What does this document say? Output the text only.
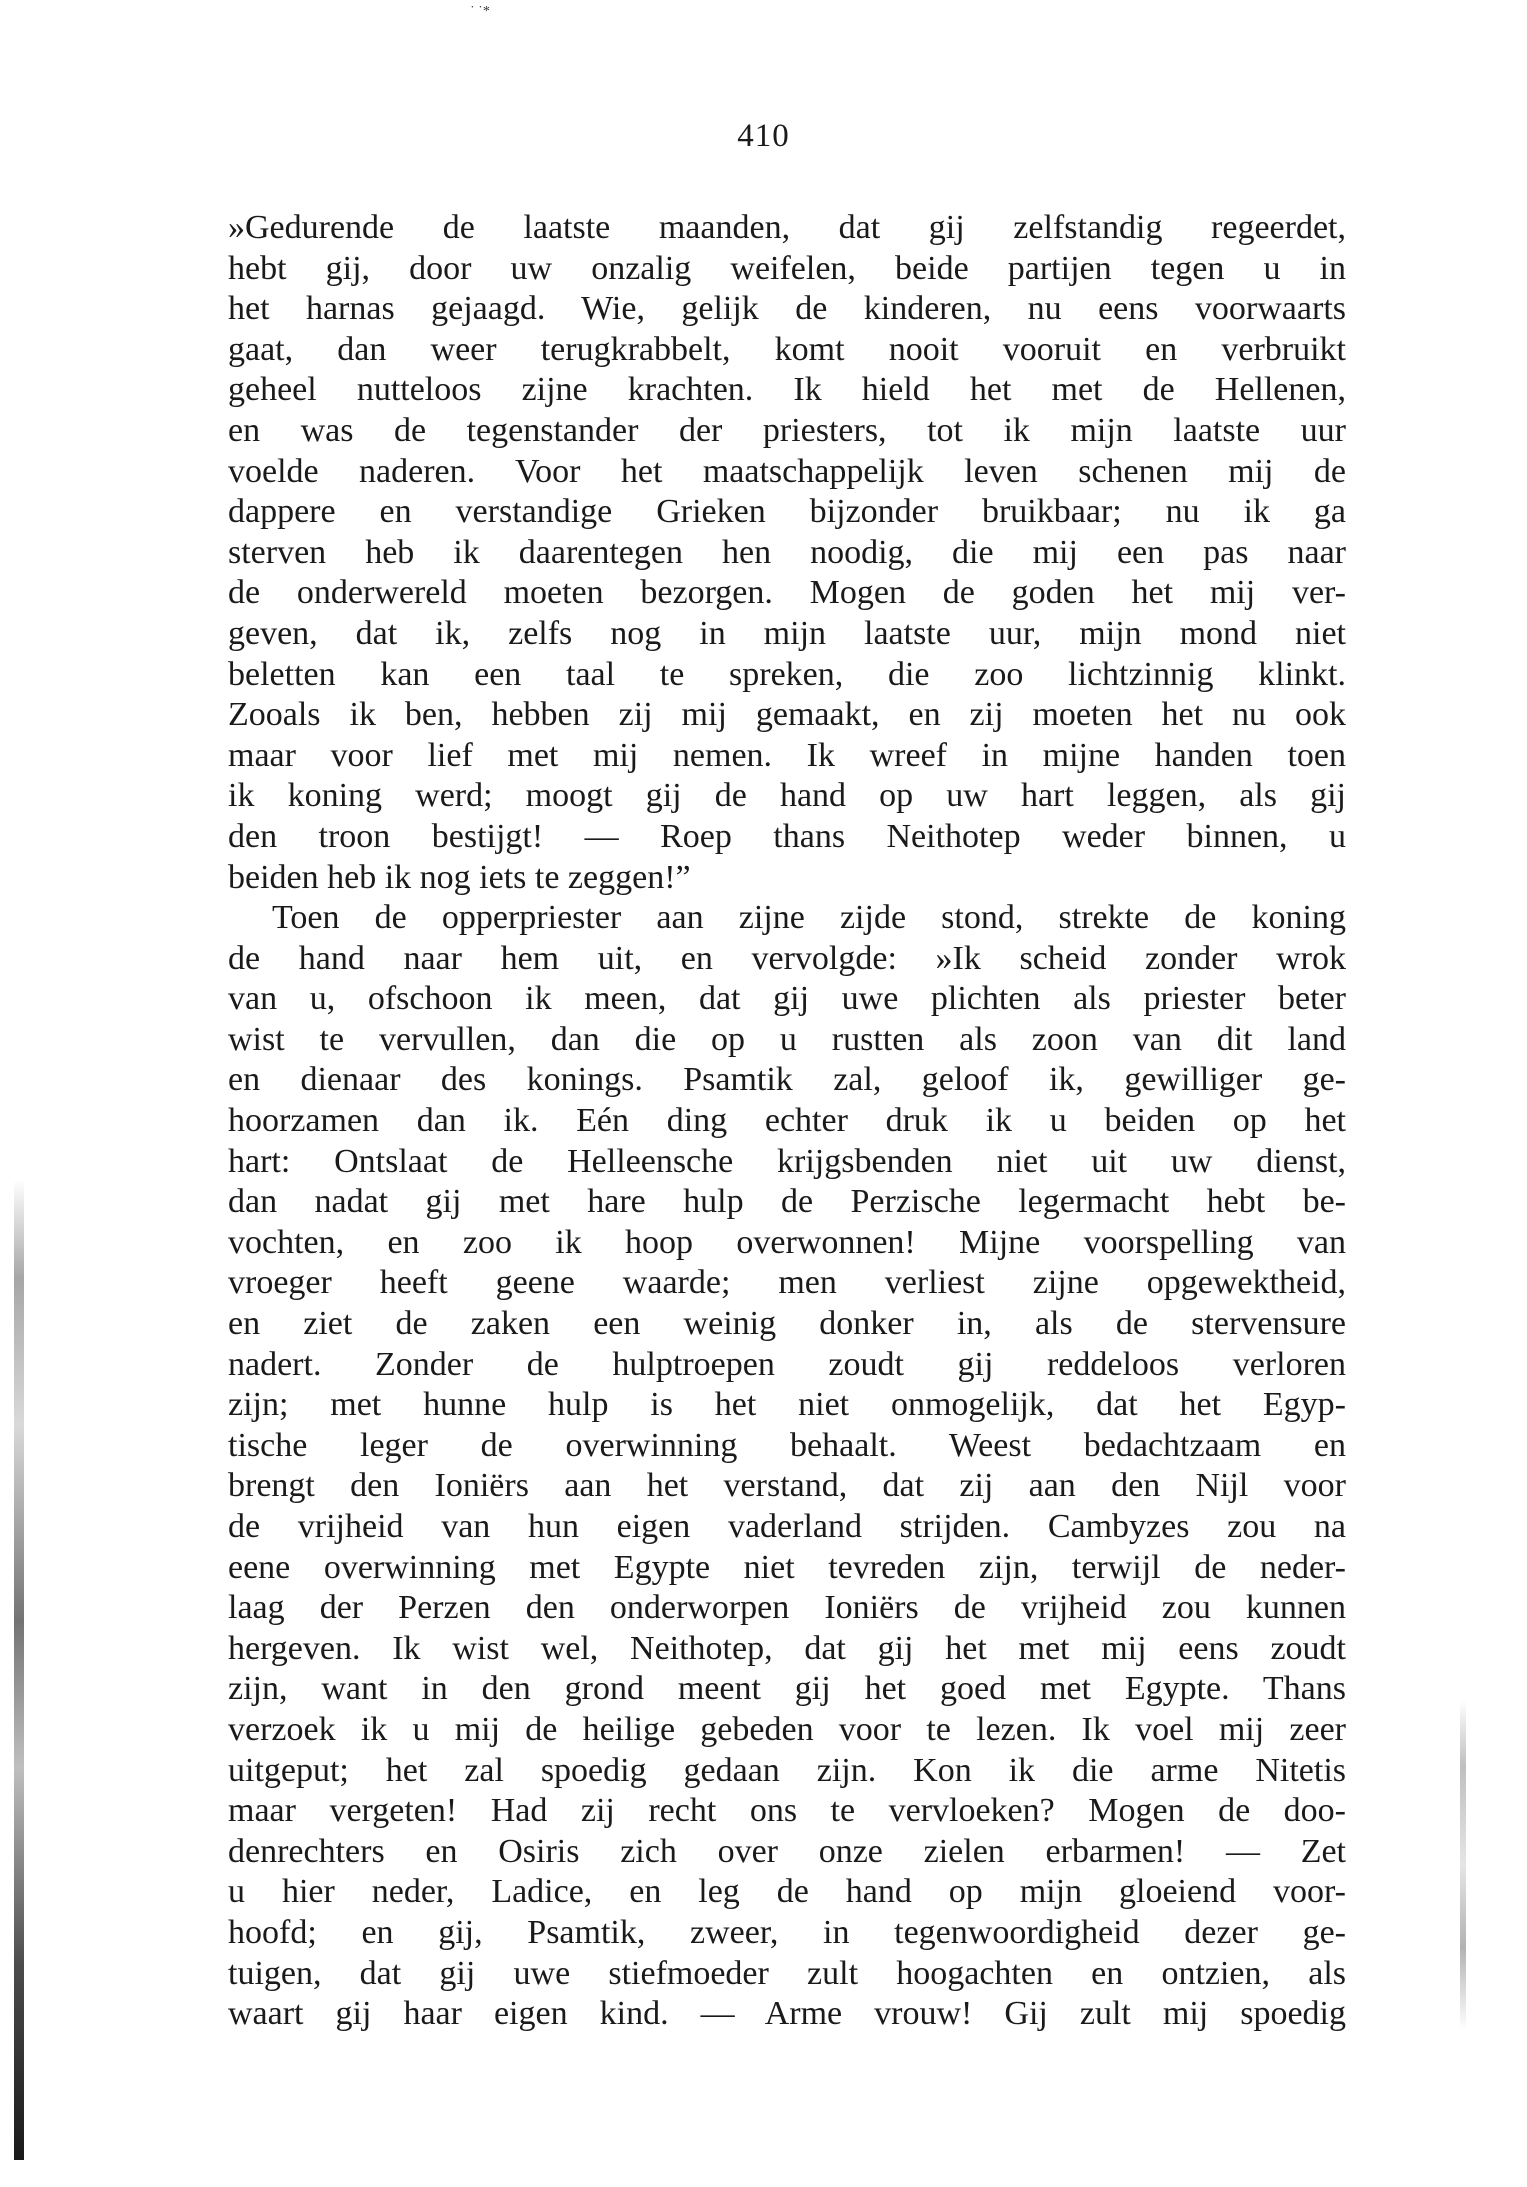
˙ ˙*
410
»Gedurende de laatste maanden, dat gij zelfstandig regeerdet,
hebt gij, door uw onzalig weifelen, beide partijen tegen u in
het harnas gejaagd. Wie, gelijk de kinderen, nu eens voorwaarts
gaat, dan weer terugkrabbelt, komt nooit vooruit en verbruikt
geheel nutteloos zijne krachten. Ik hield het met de Hellenen,
en was de tegenstander der priesters, tot ik mijn laatste uur
voelde naderen. Voor het maatschappelijk leven schenen mij de
dappere en verstandige Grieken bijzonder bruikbaar; nu ik ga
sterven heb ik daarentegen hen noodig, die mij een pas naar
de onderwereld moeten bezorgen. Mogen de goden het mij ver-
geven, dat ik, zelfs nog in mijn laatste uur, mijn mond niet
beletten kan een taal te spreken, die zoo lichtzinnig klinkt.
Zooals ik ben, hebben zij mij gemaakt, en zij moeten het nu ook
maar voor lief met mij nemen. Ik wreef in mijne handen toen
ik koning werd; moogt gij de hand op uw hart leggen, als gij
den troon bestijgt! — Roep thans Neithotep weder binnen, u
beiden heb ik nog iets te zeggen!”
Toen de opperpriester aan zijne zijde stond, strekte de koning
de hand naar hem uit, en vervolgde: »Ik scheid zonder wrok
van u, ofschoon ik meen, dat gij uwe plichten als priester beter
wist te vervullen, dan die op u rustten als zoon van dit land
en dienaar des konings. Psamtik zal, geloof ik, gewilliger ge-
hoorzamen dan ik. Eén ding echter druk ik u beiden op het
hart: Ontslaat de Helleensche krijgsbenden niet uit uw dienst,
dan nadat gij met hare hulp de Perzische legermacht hebt be-
vochten, en zoo ik hoop overwonnen! Mijne voorspelling van
vroeger heeft geene waarde; men verliest zijne opgewektheid,
en ziet de zaken een weinig donker in, als de stervensure
nadert. Zonder de hulptroepen zoudt gij reddeloos verloren
zijn; met hunne hulp is het niet onmogelijk, dat het Egyp-
tische leger de overwinning behaalt. Weest bedachtzaam en
brengt den Ioniërs aan het verstand, dat zij aan den Nijl voor
de vrijheid van hun eigen vaderland strijden. Cambyzes zou na
eene overwinning met Egypte niet tevreden zijn, terwijl de neder-
laag der Perzen den onderworpen Ioniërs de vrijheid zou kunnen
hergeven. Ik wist wel, Neithotep, dat gij het met mij eens zoudt
zijn, want in den grond meent gij het goed met Egypte. Thans
verzoek ik u mij de heilige gebeden voor te lezen. Ik voel mij zeer
uitgeput; het zal spoedig gedaan zijn. Kon ik die arme Nitetis
maar vergeten! Had zij recht ons te vervloeken? Mogen de doo-
denrechters en Osiris zich over onze zielen erbarmen! — Zet
u hier neder, Ladice, en leg de hand op mijn gloeiend voor-
hoofd; en gij, Psamtik, zweer, in tegenwoordigheid dezer ge-
tuigen, dat gij uwe stiefmoeder zult hoogachten en ontzien, als
waart gij haar eigen kind. — Arme vrouw! Gij zult mij spoedig
